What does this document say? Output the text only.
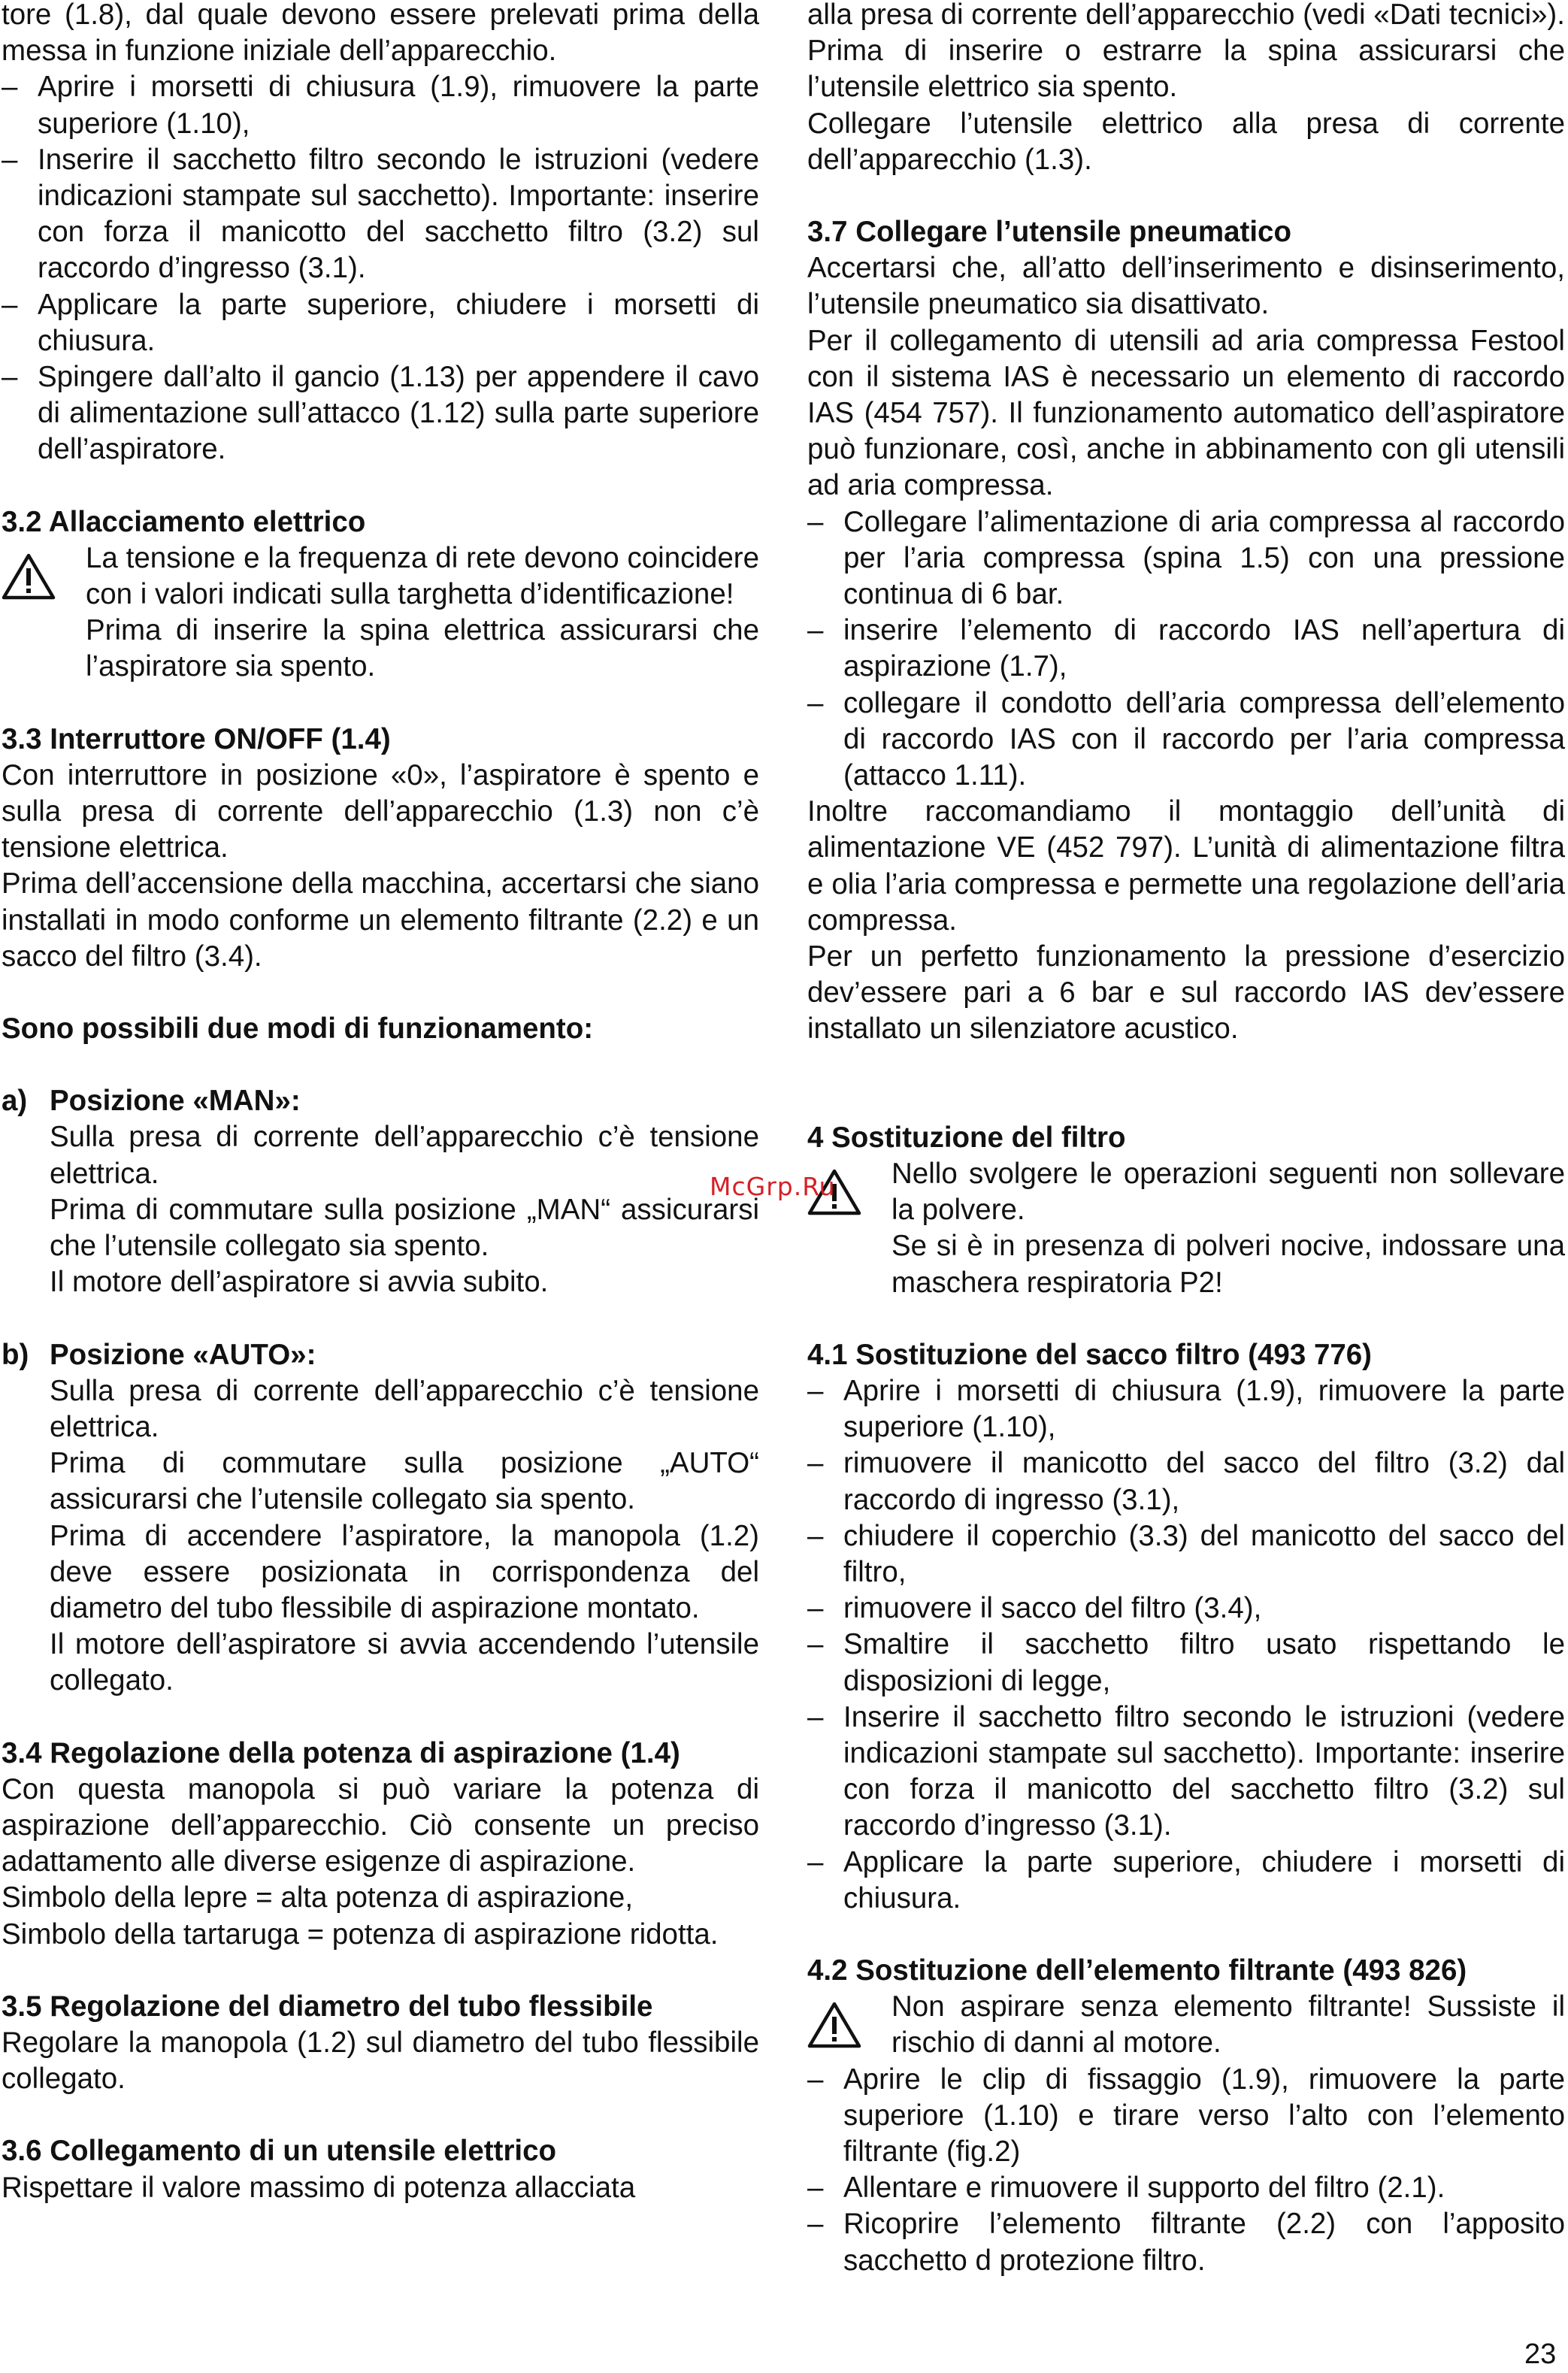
tore (1.8), dal quale devono essere prelevati prima della messa in funzione iniziale dell’apparecchio.

– Aprire i morsetti di chiusura (1.9), rimuovere la parte superiore (1.10),
– Inserire il sacchetto filtro secondo le istruzioni (vedere indicazioni stampate sul sacchetto). Importante: inserire con forza il manicotto del sacchetto filtro (3.2) sul raccordo d’ingresso (3.1).
– Applicare la parte superiore, chiudere i morsetti di chiusura.
– Spingere dall’alto il gancio (1.13) per appendere il cavo di alimentazione sull’attacco (1.12) sulla parte superiore dell’aspiratore.

3.2 Allacciamento elettrico

La tensione e la frequenza di rete devono coincidere con i valori indicati sulla targhetta d’identificazione!

Prima di inserire la spina elettrica assicurarsi che l’aspiratore sia spento.

3.3 Interruttore ON/OFF (1.4)

Con interruttore in posizione «0», l’aspiratore è spento e sulla presa di corrente dell’apparecchio (1.3) non c’è tensione elettrica.

Prima dell’accensione della macchina, accertarsi che siano installati in modo conforme un elemento filtrante (2.2) e un sacco del filtro (3.4).

Sono possibili due modi di funzionamento:

a) Posizione «MAN»:

Sulla presa di corrente dell’apparecchio c’è tensione elettrica.

Prima di commutare sulla posizione „MAN“ assicurarsi che l’utensile collegato sia spento.

Il motore dell’aspiratore si avvia subito.

b) Posizione «AUTO»:

Sulla presa di corrente dell’apparecchio c’è tensione elettrica.

Prima di commutare sulla posizione „AUTO“ assicurarsi che l’utensile collegato sia spento.

Prima di accendere l’aspiratore, la manopola (1.2) deve essere posizionata in corrispondenza del diametro del tubo flessibile di aspirazione montato.

Il motore dell’aspiratore si avvia accendendo l’utensile collegato.

3.4 Regolazione della potenza di aspirazione (1.4)

Con questa manopola si può variare la potenza di aspirazione dell’apparecchio. Ciò consente un preciso adattamento alle diverse esigenze di aspirazione.

Simbolo della lepre = alta potenza di aspirazione,

Simbolo della tartaruga = potenza di aspirazione ridotta.

3.5 Regolazione del diametro del tubo flessibile

Regolare la manopola (1.2) sul diametro del tubo flessibile collegato.

3.6 Collegamento di un utensile elettrico

Rispettare il valore massimo di potenza allacciata

alla presa di corrente dell’apparecchio (vedi «Dati tecnici»).

Prima di inserire o estrarre la spina assicurarsi che l’utensile elettrico sia spento.

Collegare l’utensile elettrico alla presa di corrente dell’apparecchio (1.3).

3.7 Collegare l’utensile pneumatico

Accertarsi che, all’atto dell’inserimento e disinserimento, l’utensile pneumatico sia disattivato.

Per il collegamento di utensili ad aria compressa Festool con il sistema IAS è necessario un elemento di raccordo IAS (454 757). Il funzionamento automatico dell’aspiratore può funzionare, così, anche in abbinamento con gli utensili ad aria compressa.

– Collegare l’alimentazione di aria compressa al raccordo per l’aria compressa (spina 1.5) con una pressione continua di 6 bar.
– inserire l’elemento di raccordo IAS nell’apertura di aspirazione (1.7),
– collegare il condotto dell’aria compressa dell’elemento di raccordo IAS con il raccordo per l’aria compressa (attacco 1.11).

Inoltre raccomandiamo il montaggio dell’unità di alimentazione VE (452 797). L’unità di alimentazione filtra e olia l’aria compressa e permette una regolazione dell’aria compressa.

Per un perfetto funzionamento la pressione d’esercizio dev’essere pari a 6 bar e sul raccordo IAS dev’essere installato un silenziatore acustico.

4 Sostituzione del filtro

Nello svolgere le operazioni seguenti non sollevare la polvere.

Se si è in presenza di polveri nocive, indossare una maschera respiratoria P2!

4.1 Sostituzione del sacco filtro (493 776)

– Aprire i morsetti di chiusura (1.9), rimuovere la parte superiore (1.10),
– rimuovere il manicotto del sacco del filtro (3.2) dal raccordo di ingresso (3.1),
– chiudere il coperchio (3.3) del manicotto del sacco del filtro,
– rimuovere il sacco del filtro (3.4),
– Smaltire il sacchetto filtro usato rispettando le disposizioni di legge,
– Inserire il sacchetto filtro secondo le istruzioni (vedere indicazioni stampate sul sacchetto). Importante: inserire con forza il manicotto del sacchetto filtro (3.2) sul raccordo d’ingresso (3.1).
– Applicare la parte superiore, chiudere i morsetti di chiusura.

4.2 Sostituzione dell’elemento filtrante (493 826)

Non aspirare senza elemento filtrante! Sussiste il rischio di danni al motore.

– Aprire le clip di fissaggio (1.9), rimuovere la parte superiore (1.10) e tirare verso l’alto con l’elemento filtrante (fig.2)
– Allentare e rimuovere il supporto del filtro (2.1).
– Ricoprire l’elemento filtrante (2.2) con l’apposito sacchetto d protezione filtro.
McGrp.Ru
23
